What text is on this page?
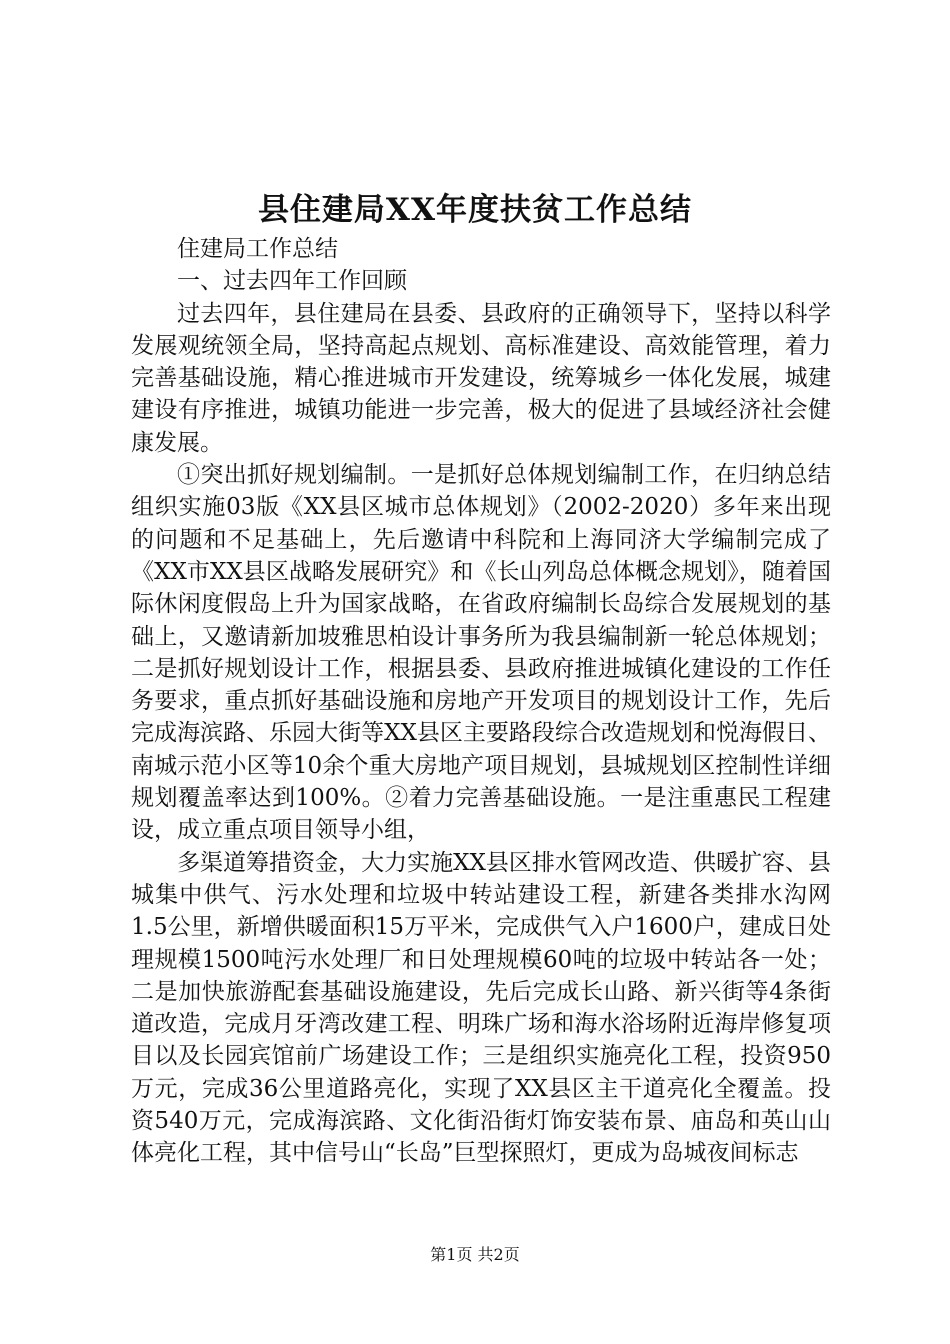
县住建局XX年度扶贫工作总结

住建局工作总结

一、过去四年工作回顾

过去四年，县住建局在县委、县政府的正确领导下，坚持以科学发展观统领全局，坚持高起点规划、高标准建设、高效能管理，着力完善基础设施，精心推进城市开发建设，统筹城乡一体化发展，城建建设有序推进，城镇功能进一步完善，极大的促进了县域经济社会健康发展。

①突出抓好规划编制。一是抓好总体规划编制工作，在归纳总结组织实施03版《XX县区城市总体规划》（2002-2020）多年来出现的问题和不足基础上，先后邀请中科院和上海同济大学编制完成了《XX市XX县区战略发展研究》和《长山列岛总体概念规划》，随着国际休闲度假岛上升为国家战略，在省政府编制长岛综合发展规划的基础上，又邀请新加坡雅思柏设计事务所为我县编制新一轮总体规划；二是抓好规划设计工作，根据县委、县政府推进城镇化建设的工作任务要求，重点抓好基础设施和房地产开发项目的规划设计工作，先后完成海滨路、乐园大街等XX县区主要路段综合改造规划和悦海假日、南城示范小区等10余个重大房地产项目规划，县城规划区控制性详细规划覆盖率达到100%。②着力完善基础设施。一是注重惠民工程建设，成立重点项目领导小组，

多渠道筹措资金，大力实施XX县区排水管网改造、供暖扩容、县城集中供气、污水处理和垃圾中转站建设工程，新建各类排水沟网1.5公里，新增供暖面积15万平米，完成供气入户1600户，建成日处理规模1500吨污水处理厂和日处理规模60吨的垃圾中转站各一处；二是加快旅游配套基础设施建设，先后完成长山路、新兴街等4条街道改造，完成月牙湾改建工程、明珠广场和海水浴场附近海岸修复项目以及长园宾馆前广场建设工作；三是组织实施亮化工程，投资950万元，完成36公里道路亮化，实现了XX县区主干道亮化全覆盖。投资540万元，完成海滨路、文化街沿街灯饰安装布景、庙岛和英山山体亮化工程，其中信号山“长岛”巨型探照灯，更成为岛城夜间标志

第1页 共2页
